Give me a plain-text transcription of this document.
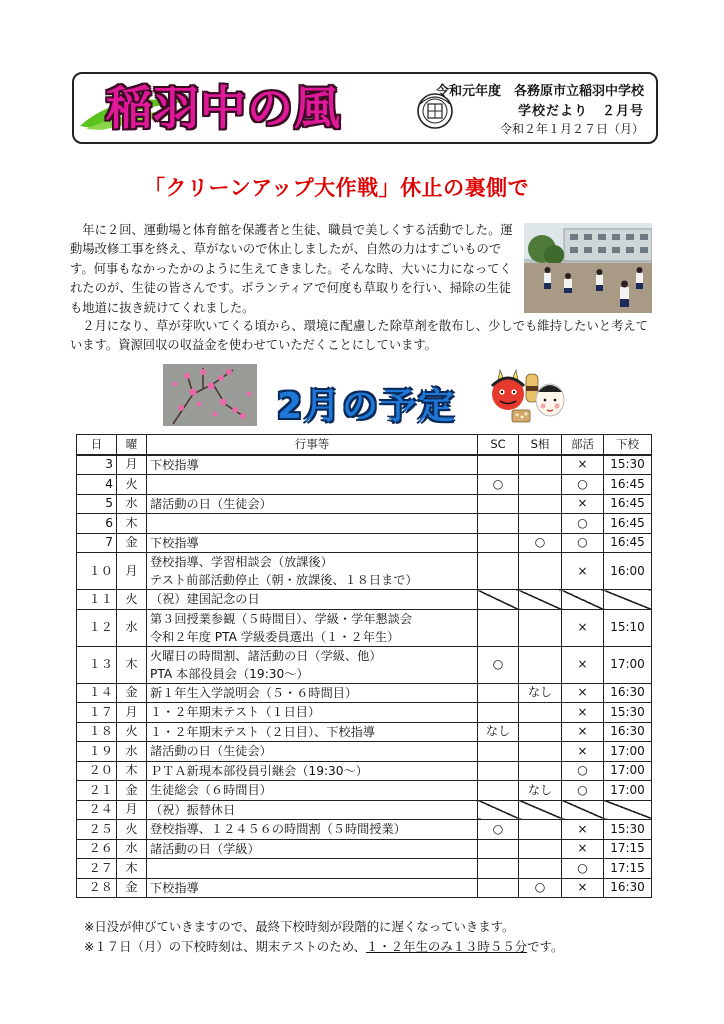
稲羽中の風	令和元年度　各務原市立稲羽中学校
学校だより　２月号
令和２年１月２７日（月）
「クリーンアップ大作戦」休止の裏側で
　年に２回、運動場と体育館を保護者と生徒、職員で美しくする活動でした。運動場改修工事を終え、草がないので休止しましたが、自然の力はすごいものです。何事もなかったかのように生えてきました。そんな時、大いに力になってくれたのが、生徒の皆さんです。ボランティアで何度も草取りを行い、掃除の生徒も地道に抜き続けてくれました。
　２月になり、草が芽吹いてくる頃から、環境に配慮した除草剤を散布し、少しでも維持したいと考えています。資源回収の収益金を使わせていただくことにしています。
2月の予定
日	曜	行事等	SC	S相	部活	下校
3	月	下校指導			×	15:30
4	火		○		○	16:45
5	水	諸活動の日（生徒会）			×	16:45
6	木				○	16:45
7	金	下校指導		○	○	16:45
１０	月	登校指導、学習相談会（放課後）
テスト前部活動停止（朝・放課後、１８日まで）			×	16:00
１１	火	（祝）建国記念の日				

１２	水	第３回授業参観（５時間目）、学級・学年懇談会
令和２年度 PTA 学級委員選出（１・２年生）			×	15:10
１３	木	火曜日の時間割、諸活動の日（学級、他）
PTA 本部役員会（19:30～）	○		×	17:00
１４	金	新１年生入学説明会（５・６時間目）		なし	×	16:30
１７	月	１・２年期末テスト（１日目）			×	15:30
１８	火	１・２年期末テスト（２日目）、下校指導	なし		×	16:30
１９	水	諸活動の日（生徒会）			×	17:00
２０	木	ＰＴＡ新現本部役員引継会（19:30～）			○	17:00
２１	金	生徒総会（６時間目）		なし	○	17:00
２４	月	（祝）振替休日				

２５	火	登校指導、１２４５６の時間割（５時間授業）	○		×	15:30
２６	水	諸活動の日（学級）			×	17:15
２７	木				○	17:15
２８	金	下校指導		○	×	16:30
※日没が伸びていきますので、最終下校時刻が段階的に遅くなっていきます。
※１７日（月）の下校時刻は、期末テストのため、１・２年生のみ１３時５５分です。
